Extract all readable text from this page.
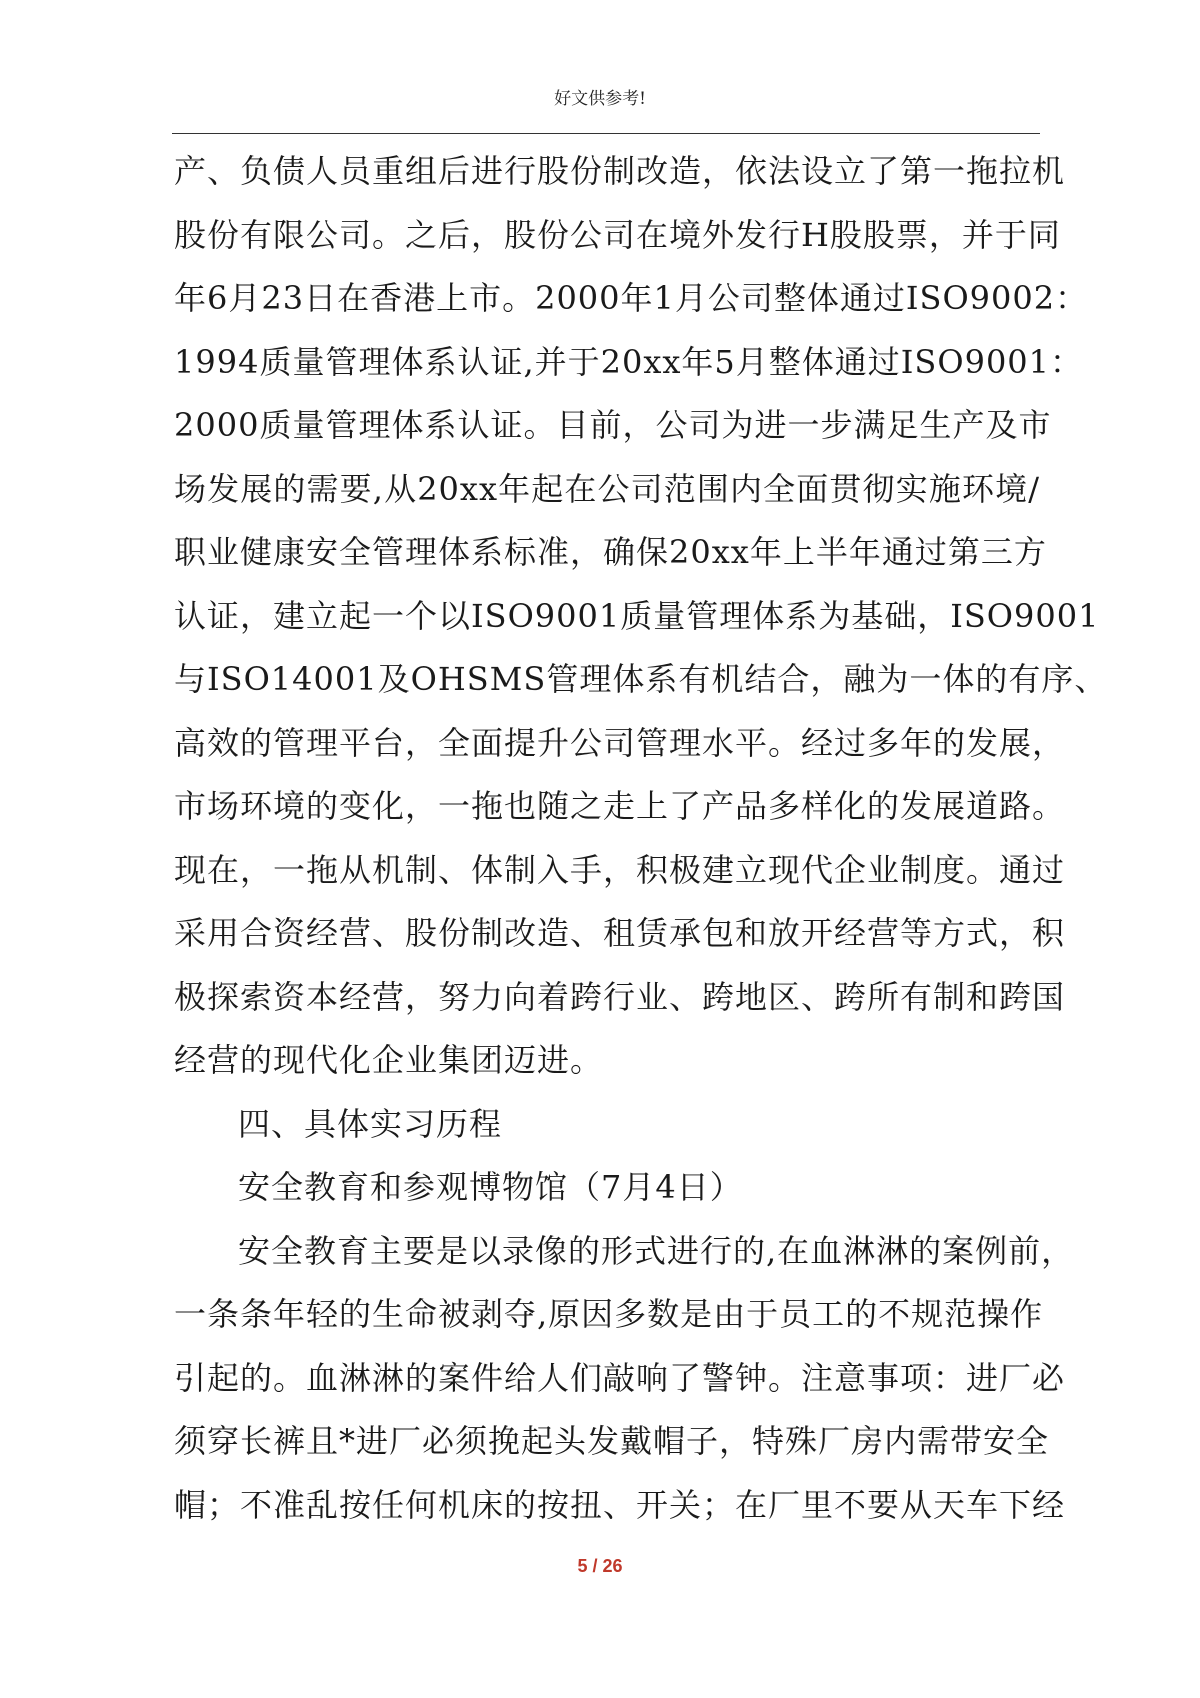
好文供参考!
产、负债人员重组后进行股份制改造，依法设立了第一拖拉机
股份有限公司。之后，股份公司在境外发行H股股票，并于同
年6月23日在香港上市。2000年1月公司整体通过ISO9002：
1994质量管理体系认证,并于20xx年5月整体通过ISO9001：
2000质量管理体系认证。目前，公司为进一步满足生产及市
场发展的需要,从20xx年起在公司范围内全面贯彻实施环境/
职业健康安全管理体系标准，确保20xx年上半年通过第三方
认证，建立起一个以ISO9001质量管理体系为基础，ISO9001
与ISO14001及OHSMS管理体系有机结合，融为一体的有序、
高效的管理平台，全面提升公司管理水平。经过多年的发展，
市场环境的变化，一拖也随之走上了产品多样化的发展道路。
现在，一拖从机制、体制入手，积极建立现代企业制度。通过
采用合资经营、股份制改造、租赁承包和放开经营等方式，积
极探索资本经营，努力向着跨行业、跨地区、跨所有制和跨国
经营的现代化企业集团迈进。
四、具体实习历程
安全教育和参观博物馆（7月4日）
安全教育主要是以录像的形式进行的,在血淋淋的案例前，
一条条年轻的生命被剥夺,原因多数是由于员工的不规范操作
引起的。血淋淋的案件给人们敲响了警钟。注意事项：进厂必
须穿长裤且*进厂必须挽起头发戴帽子，特殊厂房内需带安全
帽；不准乱按任何机床的按扭、开关；在厂里不要从天车下经
5 / 26
